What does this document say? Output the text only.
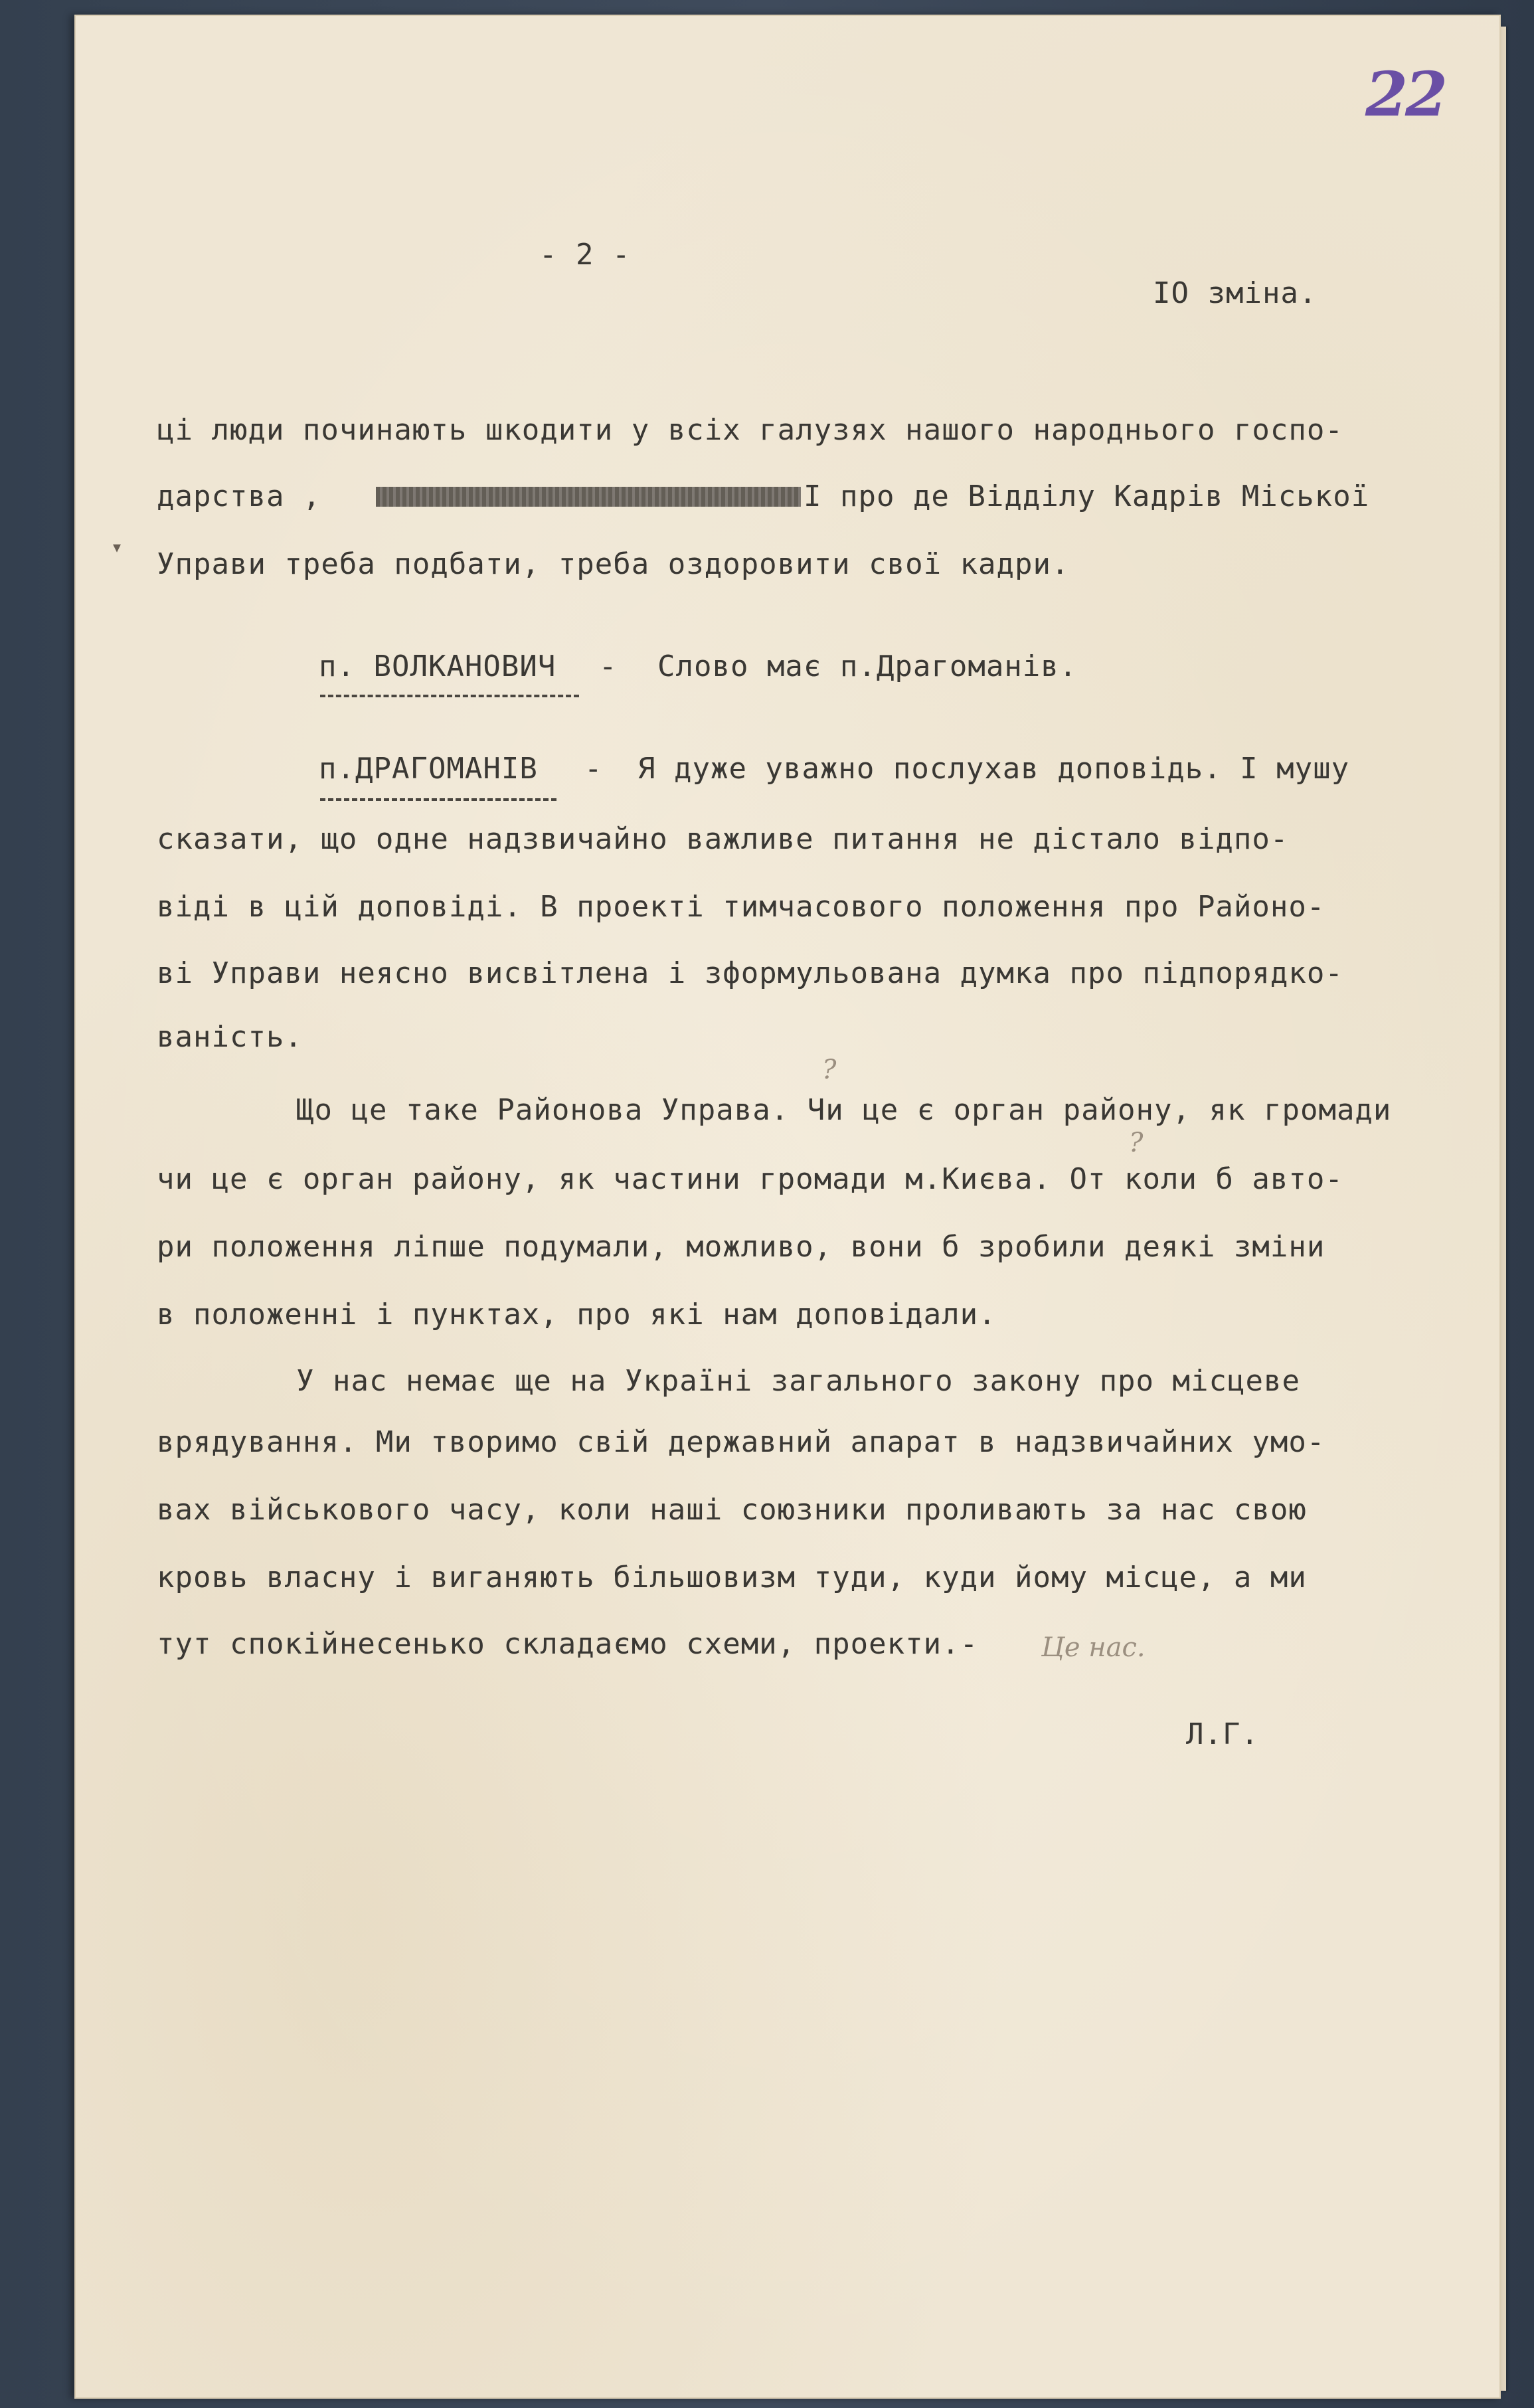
▾
22
- 2 -
IO зміна.
ці люди починають шкодити у всіх галузях нашого народнього госпо-
дарства ,	I про де Відділу Кадрів Міської
Управи треба подбати, треба оздоровити свої кадри.
п. ВОЛКАНОВИЧ - Слово має п.Драгоманів.
п.ДРАГОМАНІВ - Я дуже уважно послухав доповідь. I мушу
сказати, що одне надзвичайно важливе питання не дістало відпо-
віді в цій доповіді. В проекті тимчасового положення про Районо-
ві Управи неясно висвітлена і зформульована думка про підпорядко-
ваність.
Що це таке Районова Управа. Чи це є орган району, як громади
?
чи це є орган району, як частини громади м.Києва. От коли б авто-
?
ри положення ліпше подумали, можливо, вони б зробили деякі зміни
в положенні і пунктах, про які нам доповідали.
У нас немає ще на Україні загального закону про місцеве
врядування. Ми творимо свій державний апарат в надзвичайних умо-
вах військового часу, коли наші союзники проливають за нас свою
кровь власну і виганяють більшовизм туди, куди йому місце, а ми
тут спокійнесенько складаємо схеми, проекти.- Це нас.
Л.Г.
